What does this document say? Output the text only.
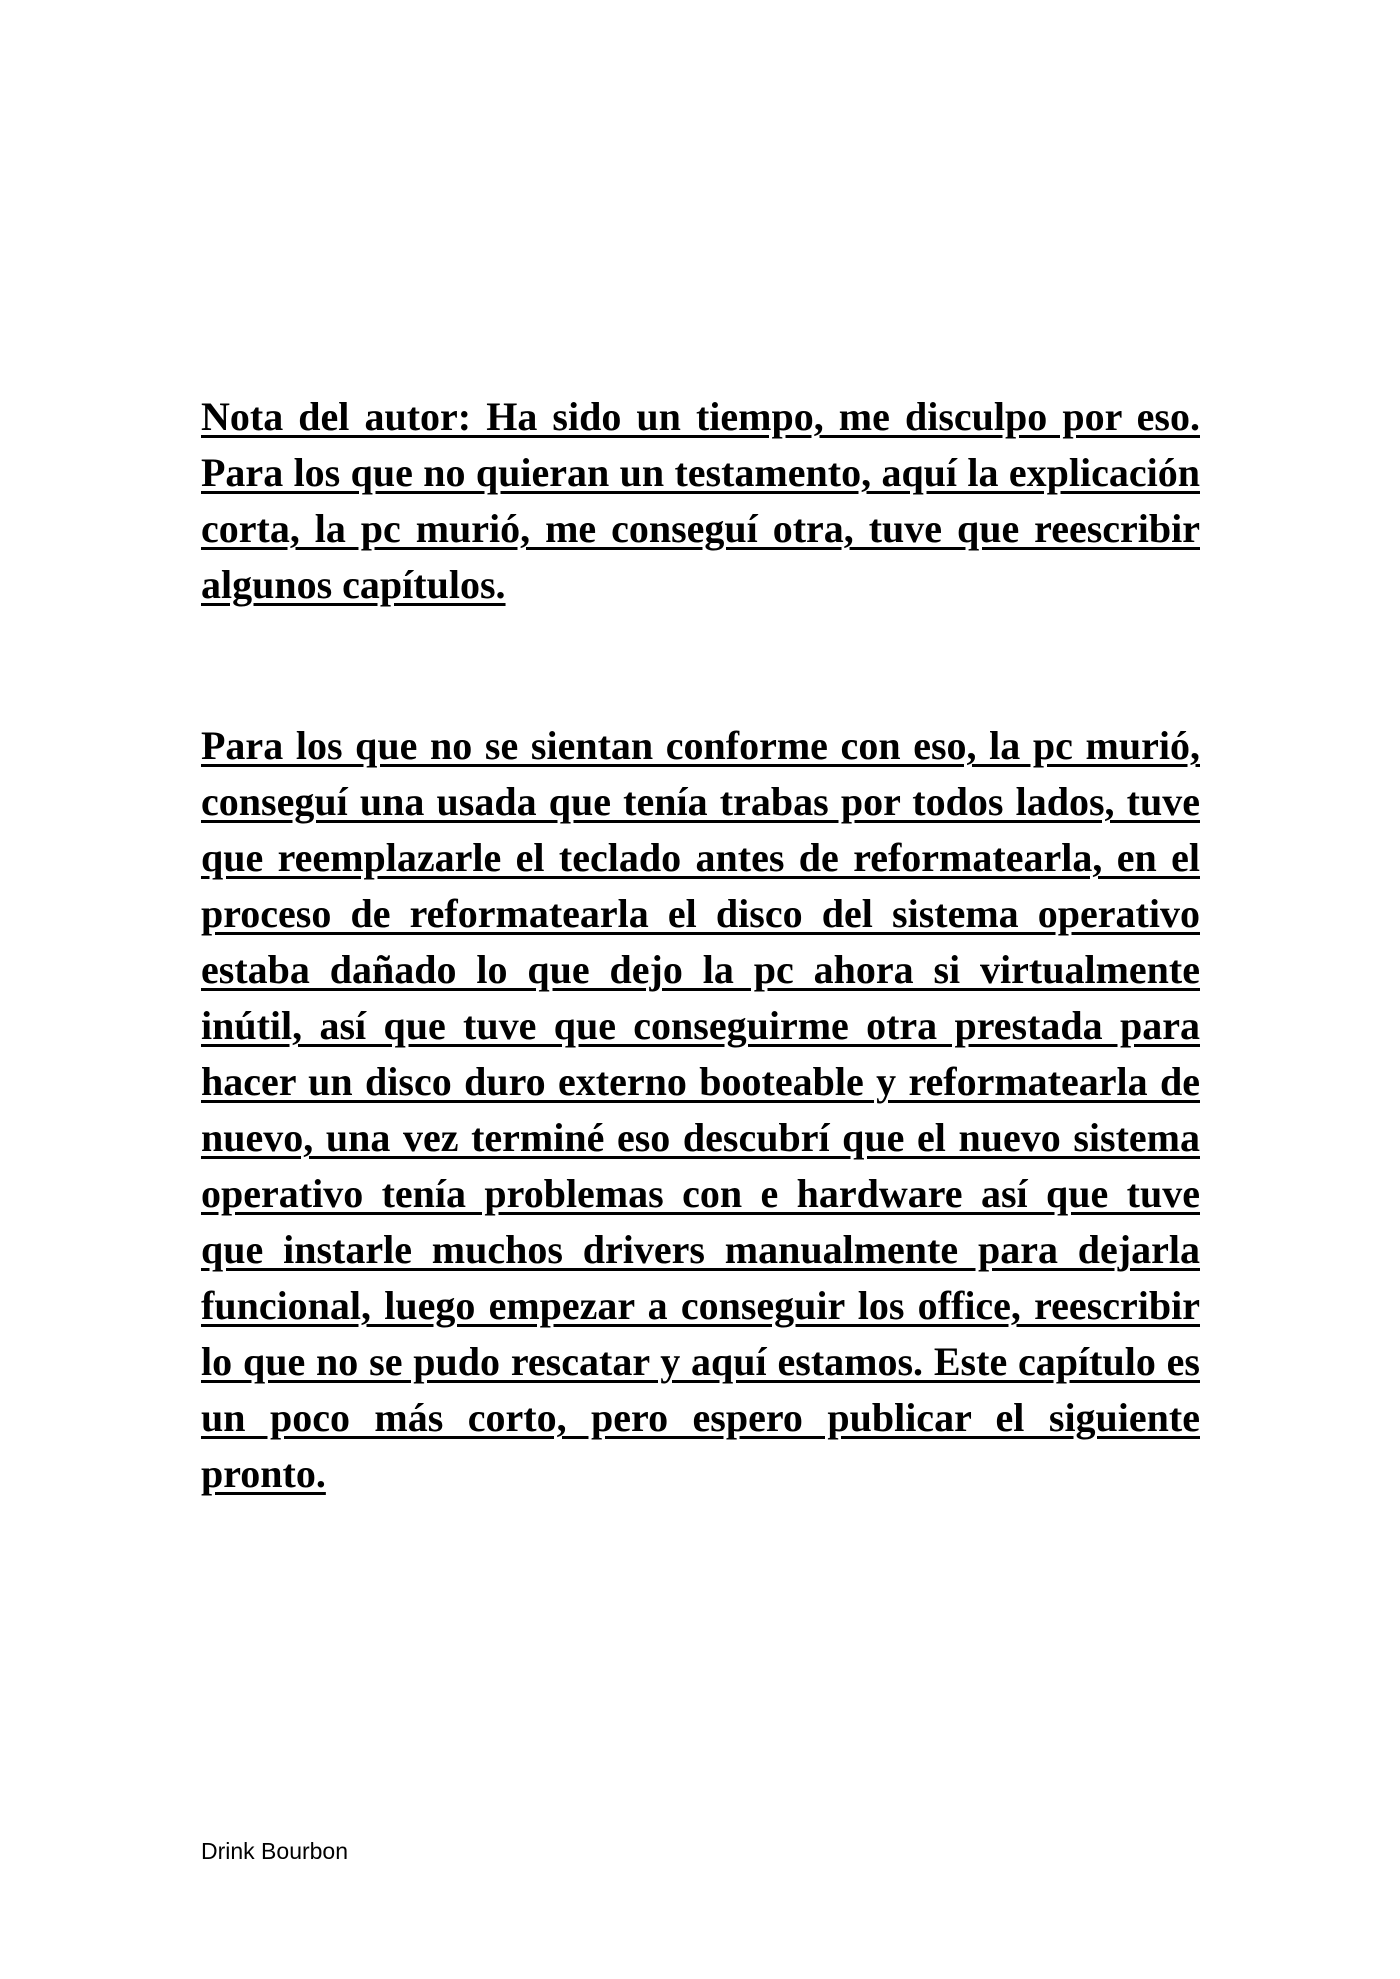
Nota del autor: Ha sido un tiempo, me disculpo por eso. Para los que no quieran un testamento, aquí la explicación corta, la pc murió, me conseguí otra, tuve que reescribir algunos capítulos.

Para los que no se sientan conforme con eso, la pc murió, conseguí una usada que tenía trabas por todos lados, tuve que reemplazarle el teclado antes de reformatearla, en el proceso de reformatearla el disco del sistema operativo estaba dañado lo que dejo la pc ahora si virtualmente inútil, así que tuve que conseguirme otra prestada para hacer un disco duro externo booteable y reformatearla de nuevo, una vez terminé eso descubrí que el nuevo sistema operativo tenía problemas con e hardware así que tuve que instarle muchos drivers manualmente para dejarla funcional, luego empezar a conseguir los office, reescribir lo que no se pudo rescatar y aquí estamos. Este capítulo es un poco más corto, pero espero publicar el siguiente pronto.

Drink Bourbon
